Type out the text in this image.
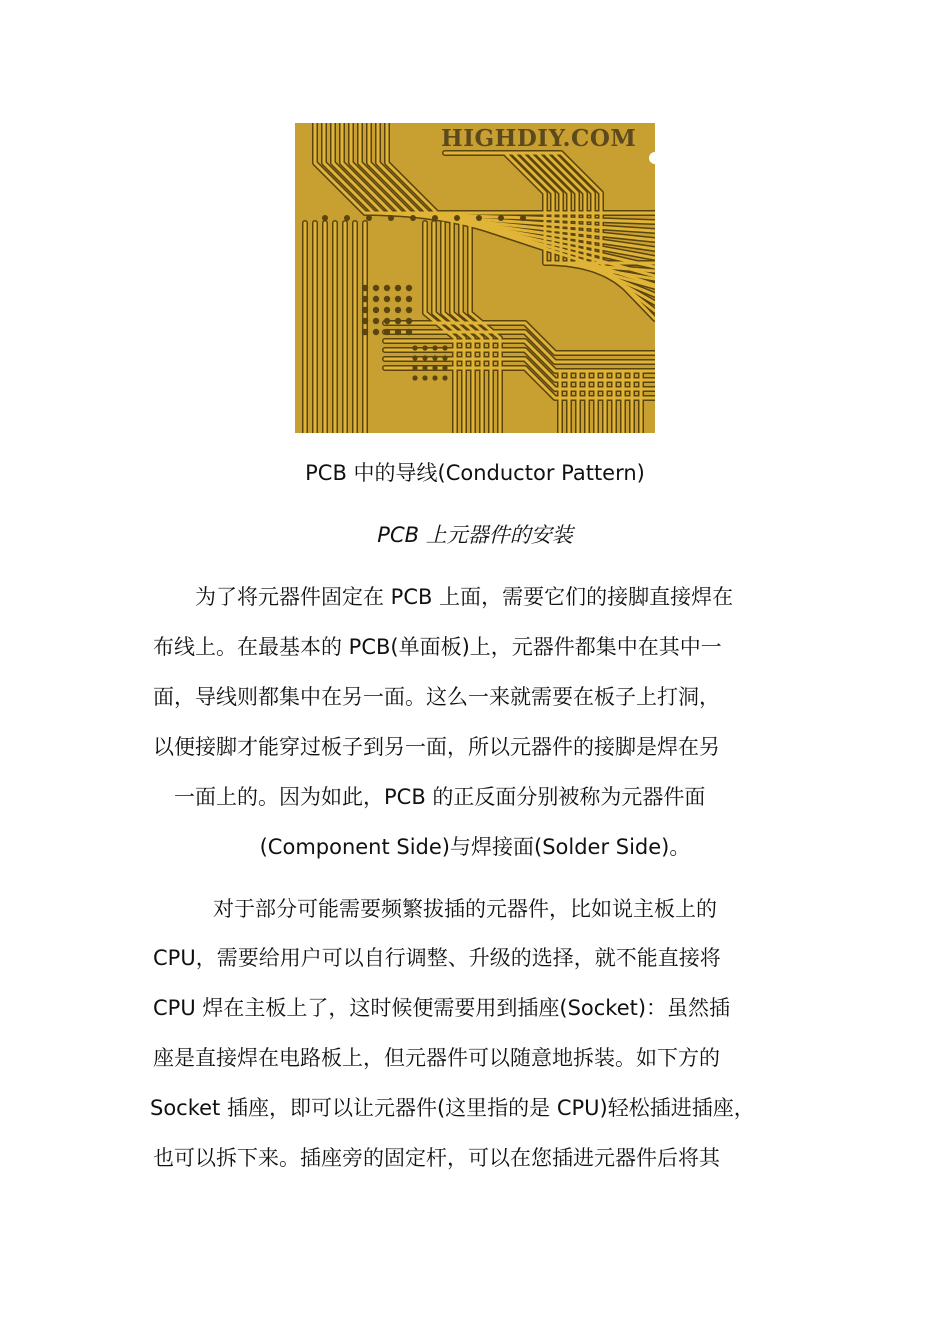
HIGHDIY.COM
PCB 中的导线(Conductor Pattern)
PCB 上元器件的安装
为了将元器件固定在 PCB 上面，需要它们的接脚直接焊在
布线上。在最基本的 PCB(单面板)上，元器件都集中在其中一
面，导线则都集中在另一面。这么一来就需要在板子上打洞，
以便接脚才能穿过板子到另一面，所以元器件的接脚是焊在另
一面上的。因为如此，PCB 的正反面分别被称为元器件面
(Component Side)与焊接面(Solder Side)。
对于部分可能需要频繁拔插的元器件，比如说主板上的
CPU，需要给用户可以自行调整、升级的选择，就不能直接将
CPU 焊在主板上了，这时候便需要用到插座(Socket)：虽然插
座是直接焊在电路板上，但元器件可以随意地拆装。如下方的
Socket 插座，即可以让元器件(这里指的是 CPU)轻松插进插座，
也可以拆下来。插座旁的固定杆，可以在您插进元器件后将其
